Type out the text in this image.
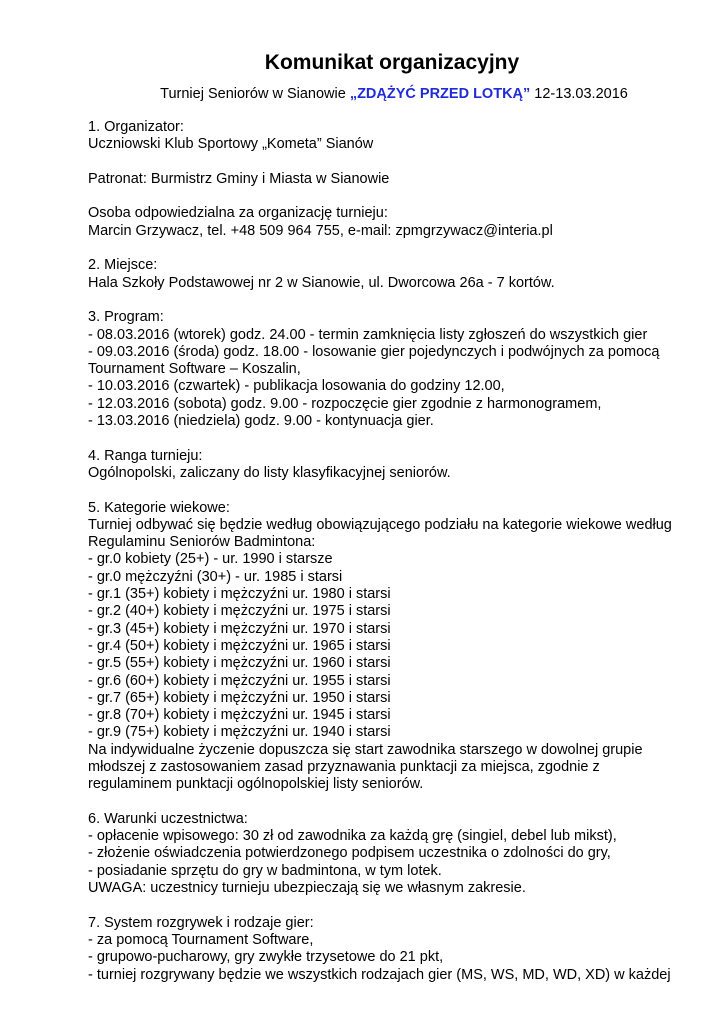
Komunikat organizacyjny
Turniej Seniorów w Sianowie „ZDĄŻYĆ PRZED LOTKĄ” 12-13.03.2016
1. Organizator:
Uczniowski Klub Sportowy „Kometa” Sianów
Patronat: Burmistrz Gminy i Miasta w Sianowie
Osoba odpowiedzialna za organizację turnieju:
Marcin Grzywacz, tel. +48 509 964 755, e-mail: zpmgrzywacz@interia.pl
2. Miejsce:
Hala Szkoły Podstawowej nr 2 w Sianowie, ul. Dworcowa 26a - 7 kortów.
3. Program:
- 08.03.2016 (wtorek) godz. 24.00 - termin zamknięcia listy zgłoszeń do wszystkich gier
- 09.03.2016 (środa) godz. 18.00 - losowanie gier pojedynczych i podwójnych za pomocą
Tournament Software – Koszalin,
- 10.03.2016 (czwartek) - publikacja losowania do godziny 12.00,
- 12.03.2016 (sobota) godz. 9.00 - rozpoczęcie gier zgodnie z harmonogramem,
- 13.03.2016 (niedziela) godz. 9.00 - kontynuacja gier.
4. Ranga turnieju:
Ogólnopolski, zaliczany do listy klasyfikacyjnej seniorów.
5. Kategorie wiekowe:
Turniej odbywać się będzie według obowiązującego podziału na kategorie wiekowe według
Regulaminu Seniorów Badmintona:
- gr.0 kobiety (25+) - ur. 1990 i starsze
- gr.0 mężczyźni (30+) - ur. 1985 i starsi
- gr.1 (35+) kobiety i mężczyźni ur. 1980 i starsi
- gr.2 (40+) kobiety i mężczyźni ur. 1975 i starsi
- gr.3 (45+) kobiety i mężczyźni ur. 1970 i starsi
- gr.4 (50+) kobiety i mężczyźni ur. 1965 i starsi
- gr.5 (55+) kobiety i mężczyźni ur. 1960 i starsi
- gr.6 (60+) kobiety i mężczyźni ur. 1955 i starsi
- gr.7 (65+) kobiety i mężczyźni ur. 1950 i starsi
- gr.8 (70+) kobiety i mężczyźni ur. 1945 i starsi
- gr.9 (75+) kobiety i mężczyźni ur. 1940 i starsi
Na indywidualne życzenie dopuszcza się start zawodnika starszego w dowolnej grupie
młodszej z zastosowaniem zasad przyznawania punktacji za miejsca, zgodnie z
regulaminem punktacji ogólnopolskiej listy seniorów.
6. Warunki uczestnictwa:
- opłacenie wpisowego: 30 zł od zawodnika za każdą grę (singiel, debel lub mikst),
- złożenie oświadczenia potwierdzonego podpisem uczestnika o zdolności do gry,
- posiadanie sprzętu do gry w badmintona, w tym lotek.
UWAGA: uczestnicy turnieju ubezpieczają się we własnym zakresie.
7. System rozgrywek i rodzaje gier:
- za pomocą Tournament Software,
- grupowo-pucharowy, gry zwykłe trzysetowe do 21 pkt,
- turniej rozgrywany będzie we wszystkich rodzajach gier (MS, WS, MD, WD, XD) w każdej
